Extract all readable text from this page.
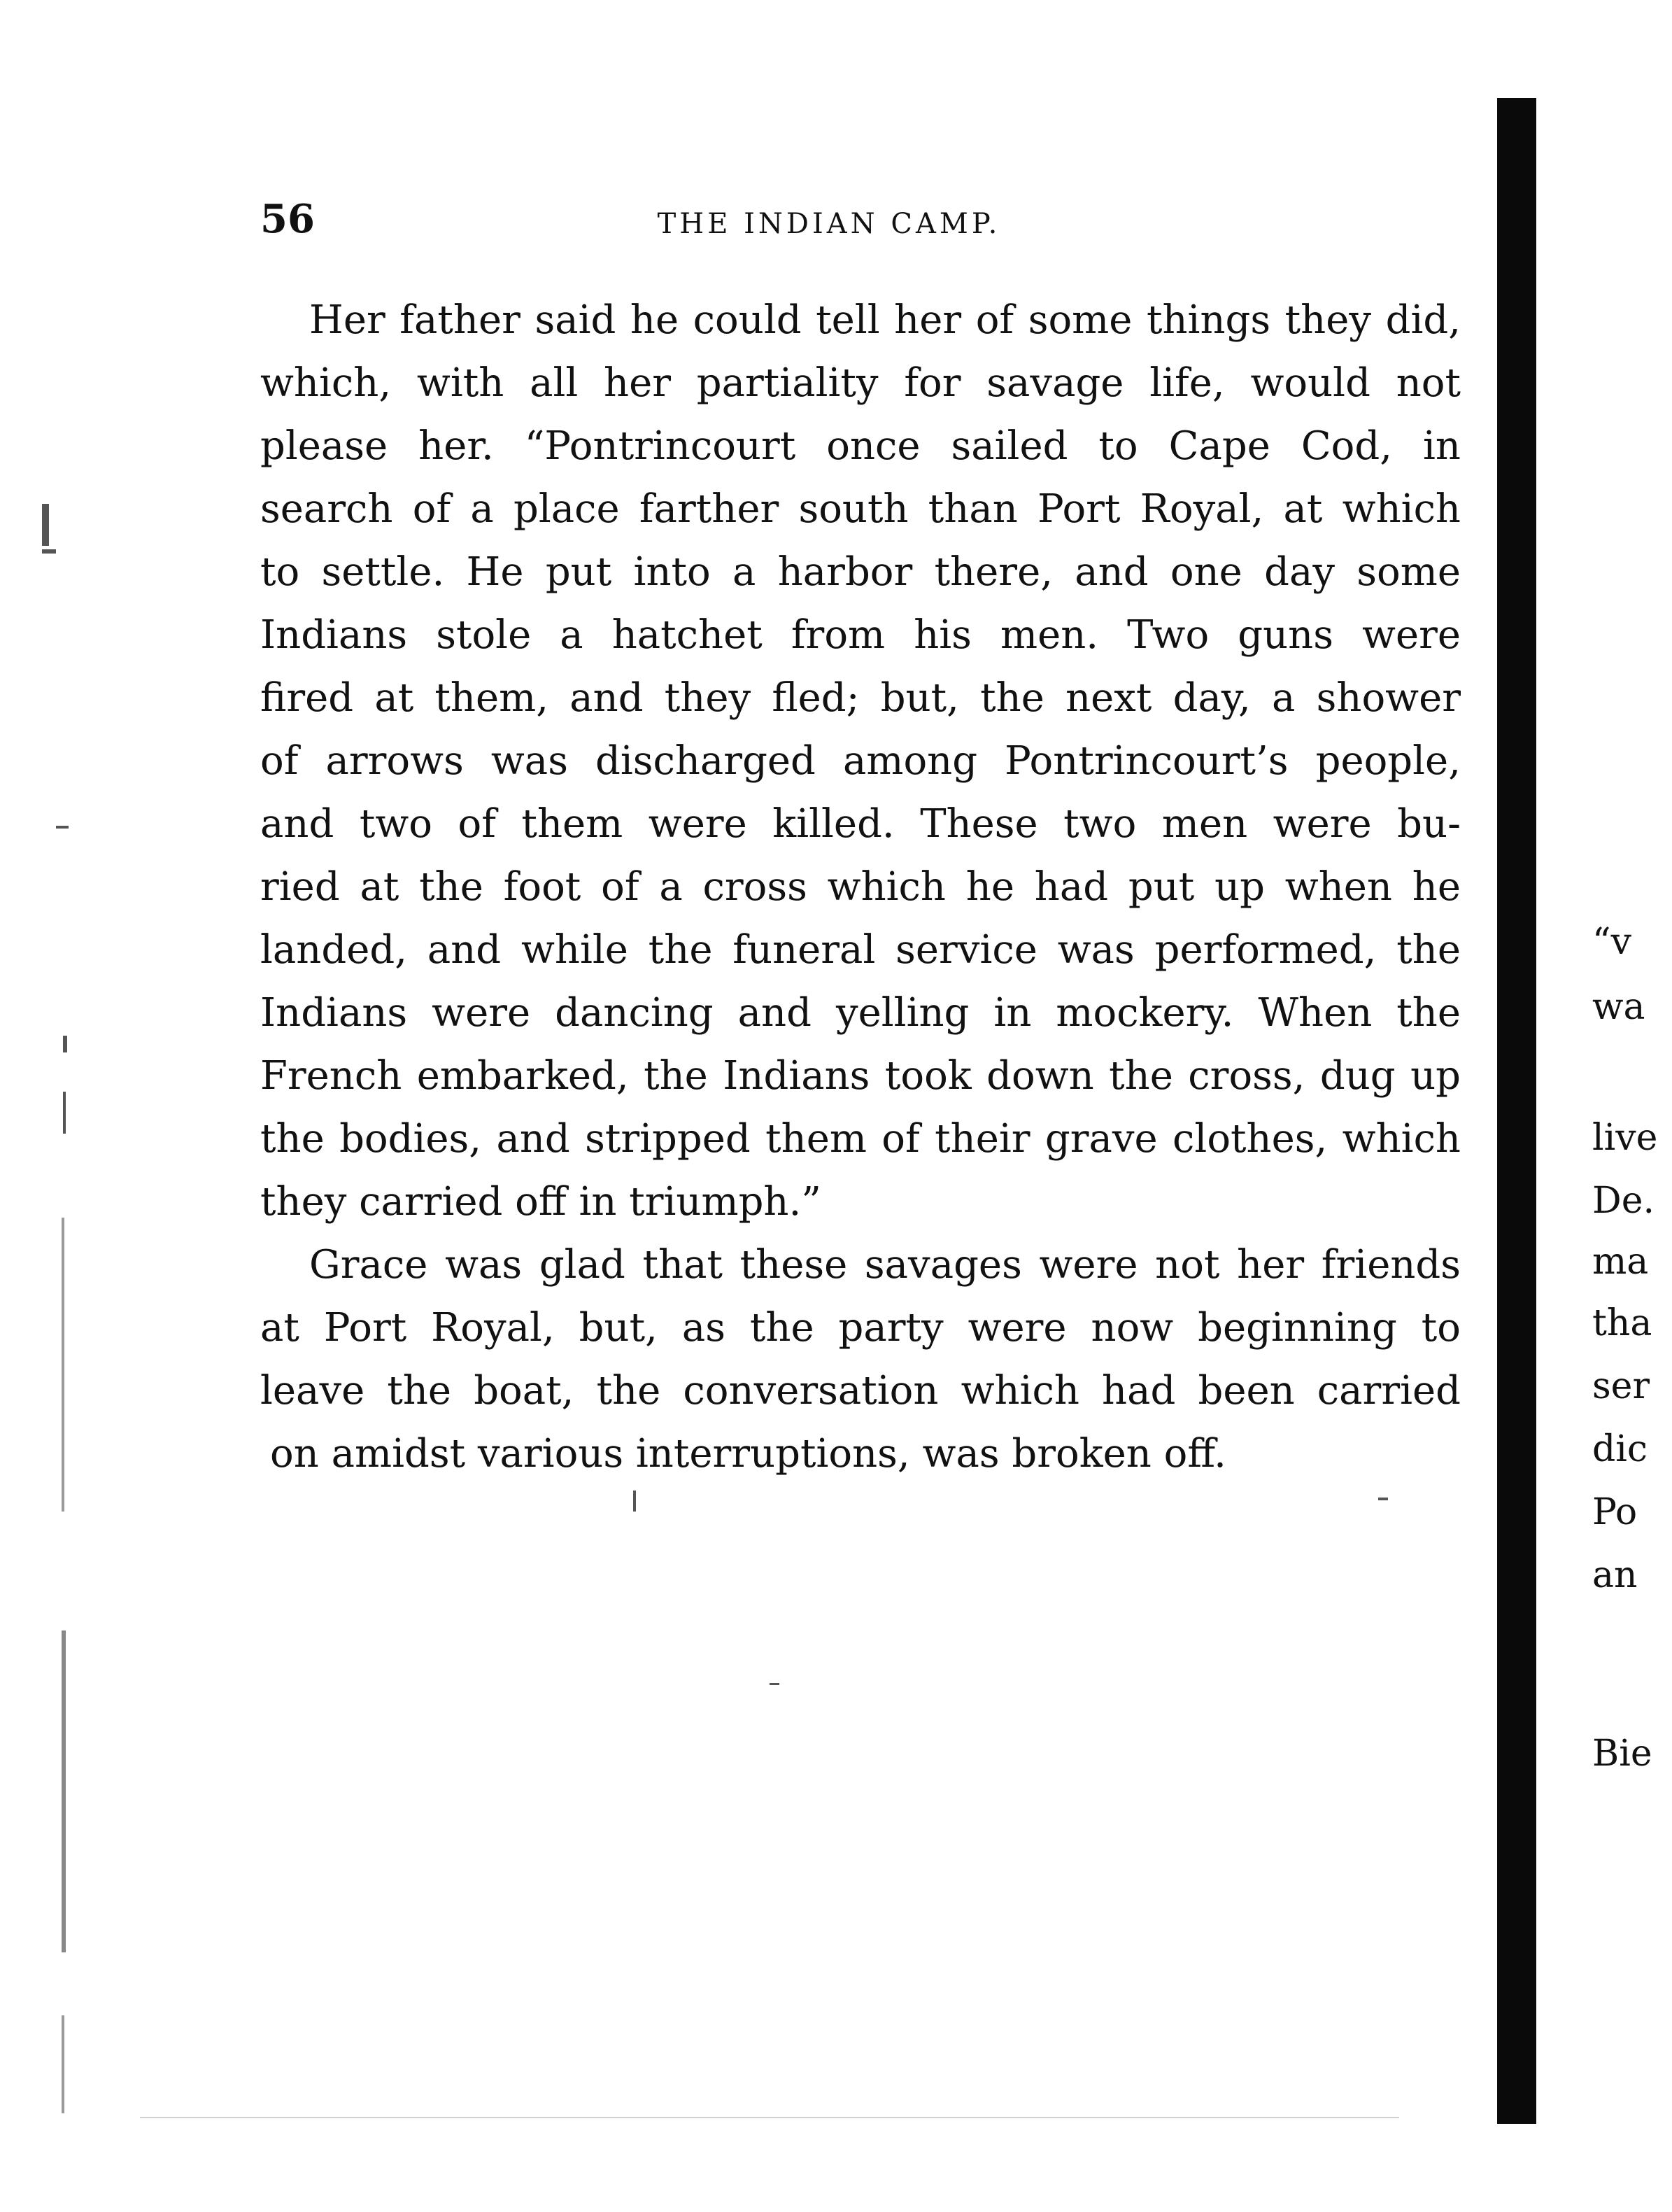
56	THE INDIAN CAMP.
Her father said he could tell her of some things they did,
which, with all her partiality for savage life, would not
please her. “Pontrincourt once sailed to Cape Cod, in
search of a place farther south than Port Royal, at which
to settle. He put into a harbor there, and one day some
Indians stole a hatchet from his men. Two guns were
fired at them, and they fled; but, the next day, a shower
of arrows was discharged among Pontrincourt’s people,
and two of them were killed. These two men were bu-
ried at the foot of a cross which he had put up when he
landed, and while the funeral service was performed, the
Indians were dancing and yelling in mockery. When the
French embarked, the Indians took down the cross, dug up
the bodies, and stripped them of their grave clothes, which
they carried off in triumph.”
Grace was glad that these savages were not her friends
at Port Royal, but, as the party were now beginning to
leave the boat, the conversation which had been carried
on amidst various interruptions, was broken off.
“v
wa
live
De.
ma
tha
ser
dic
Po
an
Bie
